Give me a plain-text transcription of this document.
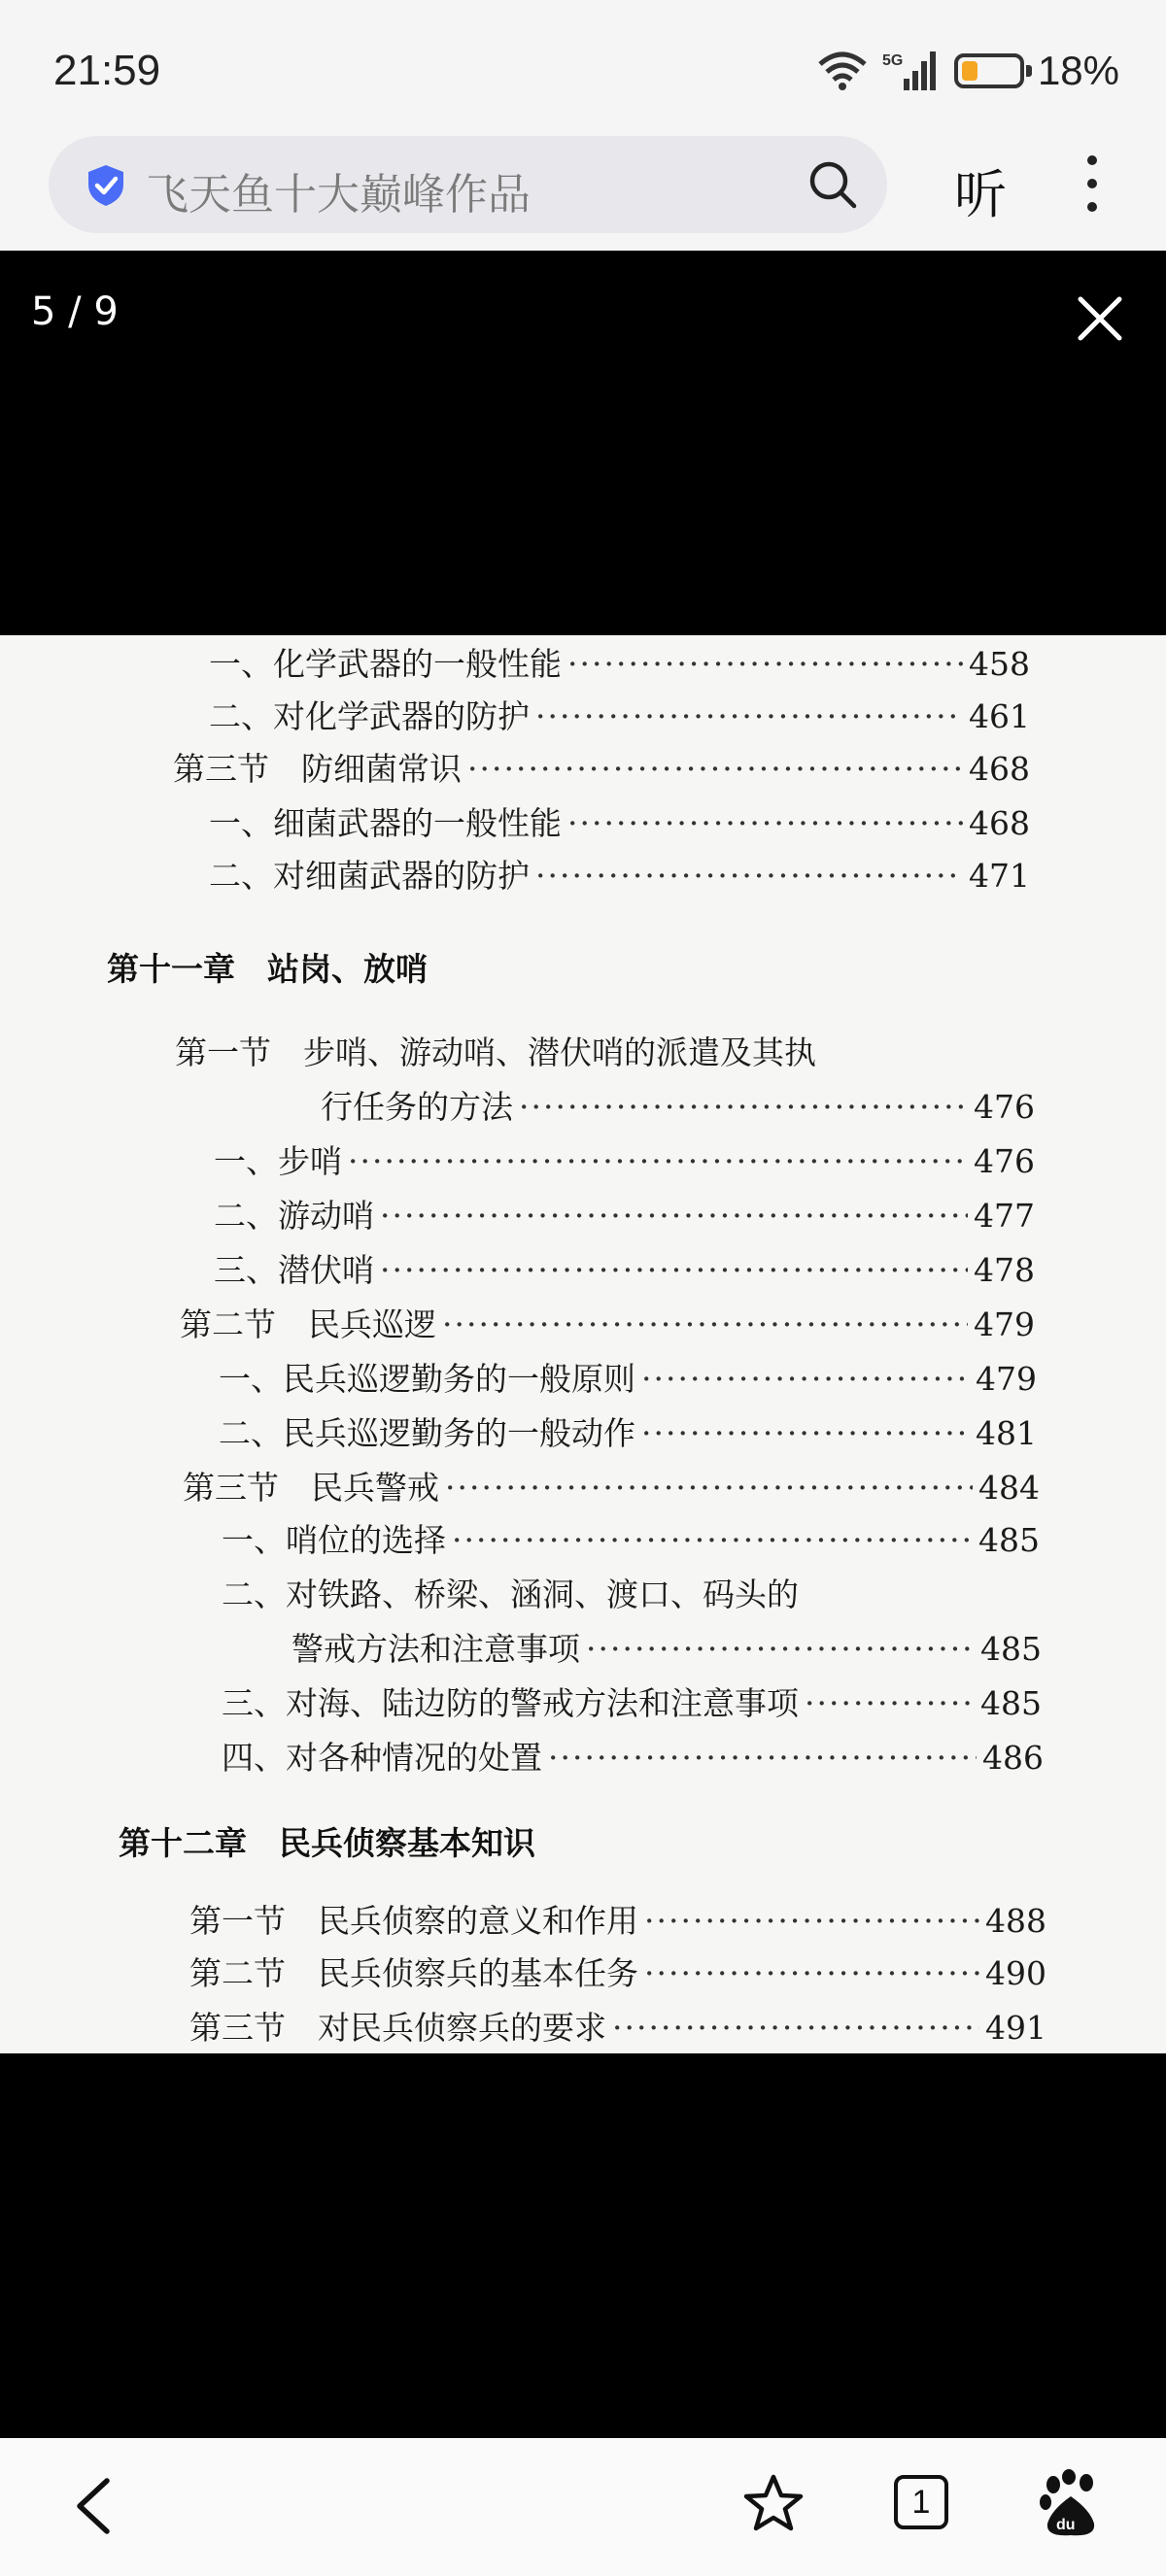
21:59	5G	18%
飞天鱼十大巅峰作品	听
5 / 9
一、化学武器的一般性能 ·····	458
二、对化学武器的防护 ·····	461
第三节　防细菌常识 ·····	468
一、细菌武器的一般性能 ·····	468
二、对细菌武器的防护 ·····	471
第十一章　站岗、放哨
第一节　步哨、游动哨、潜伏哨的派遣及其执
行任务的方法 ·····	476
一、步哨 ·····	476
二、游动哨 ·····	477
三、潜伏哨 ·····	478
第二节　民兵巡逻 ·····	479
一、民兵巡逻勤务的一般原则 ·····	479
二、民兵巡逻勤务的一般动作 ·····	481
第三节　民兵警戒 ·····	484
一、哨位的选择 ·····	485
二、对铁路、桥梁、涵洞、渡口、码头的
警戒方法和注意事项 ·····	485
三、对海、陆边防的警戒方法和注意事项 ·····	485
四、对各种情况的处置 ·····	486
第十二章　民兵侦察基本知识
第一节　民兵侦察的意义和作用 ·····	488
第二节　民兵侦察兵的基本任务 ·····	490
第三节　对民兵侦察兵的要求 ·····	491
1
du
